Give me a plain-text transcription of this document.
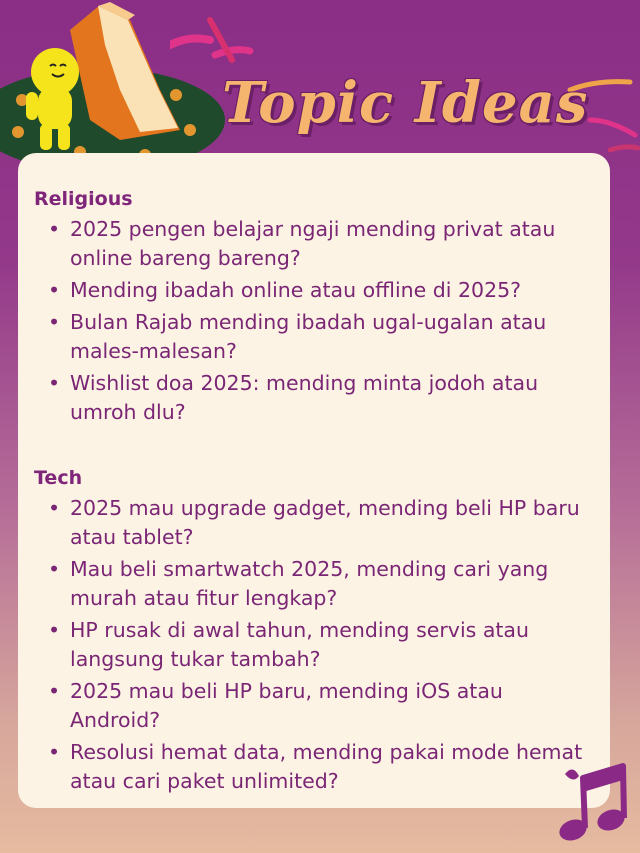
Topic Ideas

Religious

• 2025 pengen belajar ngaji mending privat atau online bareng bareng?
• Mending ibadah online atau offline di 2025?
• Bulan Rajab mending ibadah ugal-ugalan atau males-malesan?
• Wishlist doa 2025: mending minta jodoh atau umroh dlu?

Tech

• 2025 mau upgrade gadget, mending beli HP baru atau tablet?
• Mau beli smartwatch 2025, mending cari yang murah atau fitur lengkap?
• HP rusak di awal tahun, mending servis atau langsung tukar tambah?
• 2025 mau beli HP baru, mending iOS atau Android?
• Resolusi hemat data, mending pakai mode hemat atau cari paket unlimited?
